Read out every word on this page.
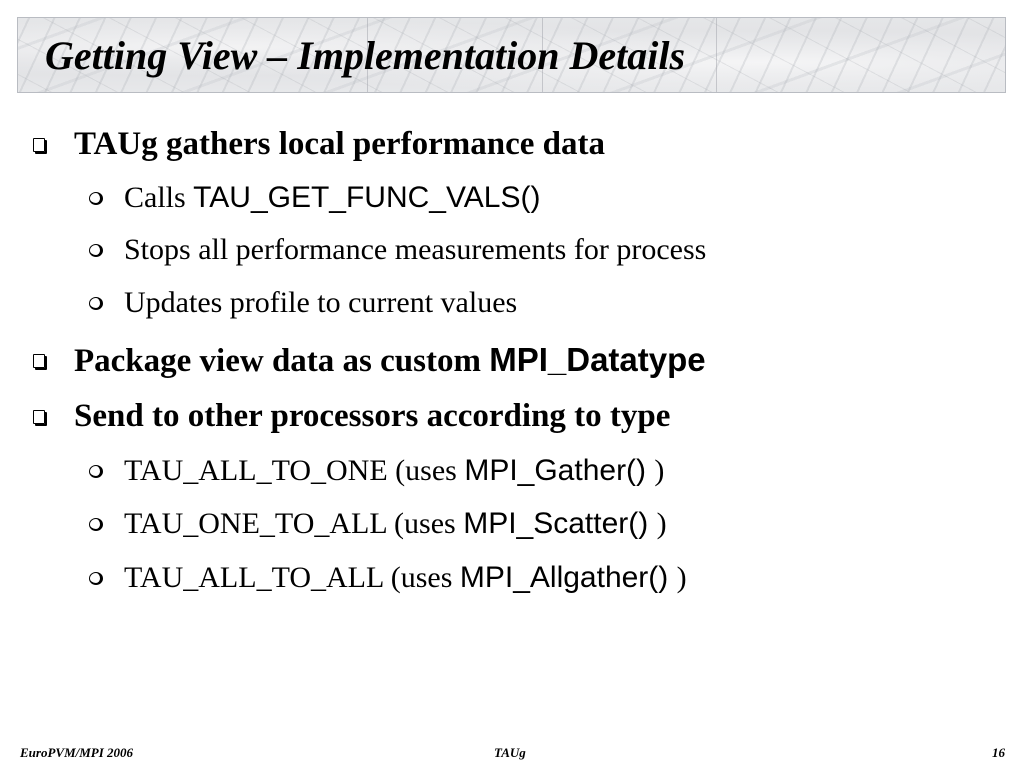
Getting View – Implementation Details
TAUg gathers local performance data
Calls TAU_GET_FUNC_VALS()
Stops all performance measurements for process
Updates profile to current values
Package view data as custom MPI_Datatype
Send to other processors according to type
TAU_ALL_TO_ONE (uses MPI_Gather() )
TAU_ONE_TO_ALL (uses MPI_Scatter() )
TAU_ALL_TO_ALL (uses MPI_Allgather() )
EuroPVM/MPI 2006	TAUg	16
